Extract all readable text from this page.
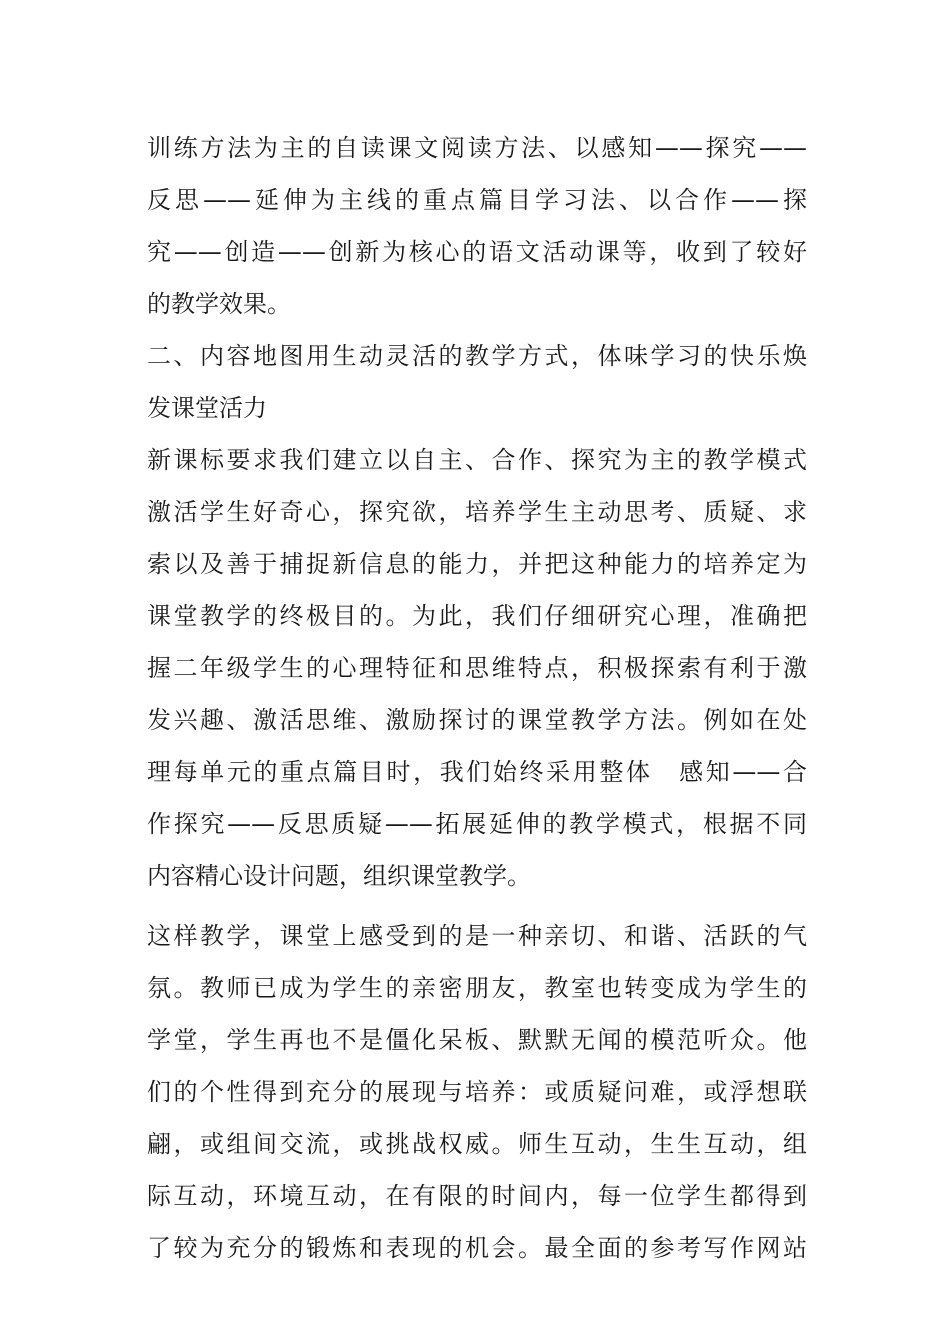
训练方法为主的自读课文阅读方法、以感知——探究——
反思——延伸为主线的重点篇目学习法、以合作——探
究——创造——创新为核心的语文活动课等，收到了较好
的教学效果。
二、内容地图用生动灵活的教学方式，体味学习的快乐焕
发课堂活力
新课标要求我们建立以自主、合作、探究为主的教学模式
激活学生好奇心，探究欲，培养学生主动思考、质疑、求
索以及善于捕捉新信息的能力，并把这种能力的培养定为
课堂教学的终极目的。为此，我们仔细研究心理，准确把
握二年级学生的心理特征和思维特点，积极探索有利于激
发兴趣、激活思维、激励探讨的课堂教学方法。例如在处
理每单元的重点篇目时，我们始终采用整体　感知——合
作探究——反思质疑——拓展延伸的教学模式，根据不同
内容精心设计问题，组织课堂教学。
这样教学，课堂上感受到的是一种亲切、和谐、活跃的气
氛。教师已成为学生的亲密朋友，教室也转变成为学生的
学堂，学生再也不是僵化呆板、默默无闻的模范听众。他
们的个性得到充分的展现与培养：或质疑问难，或浮想联
翩，或组间交流，或挑战权威。师生互动，生生互动，组
际互动，环境互动，在有限的时间内，每一位学生都得到
了较为充分的锻炼和表现的机会。最全面的参考写作网站
